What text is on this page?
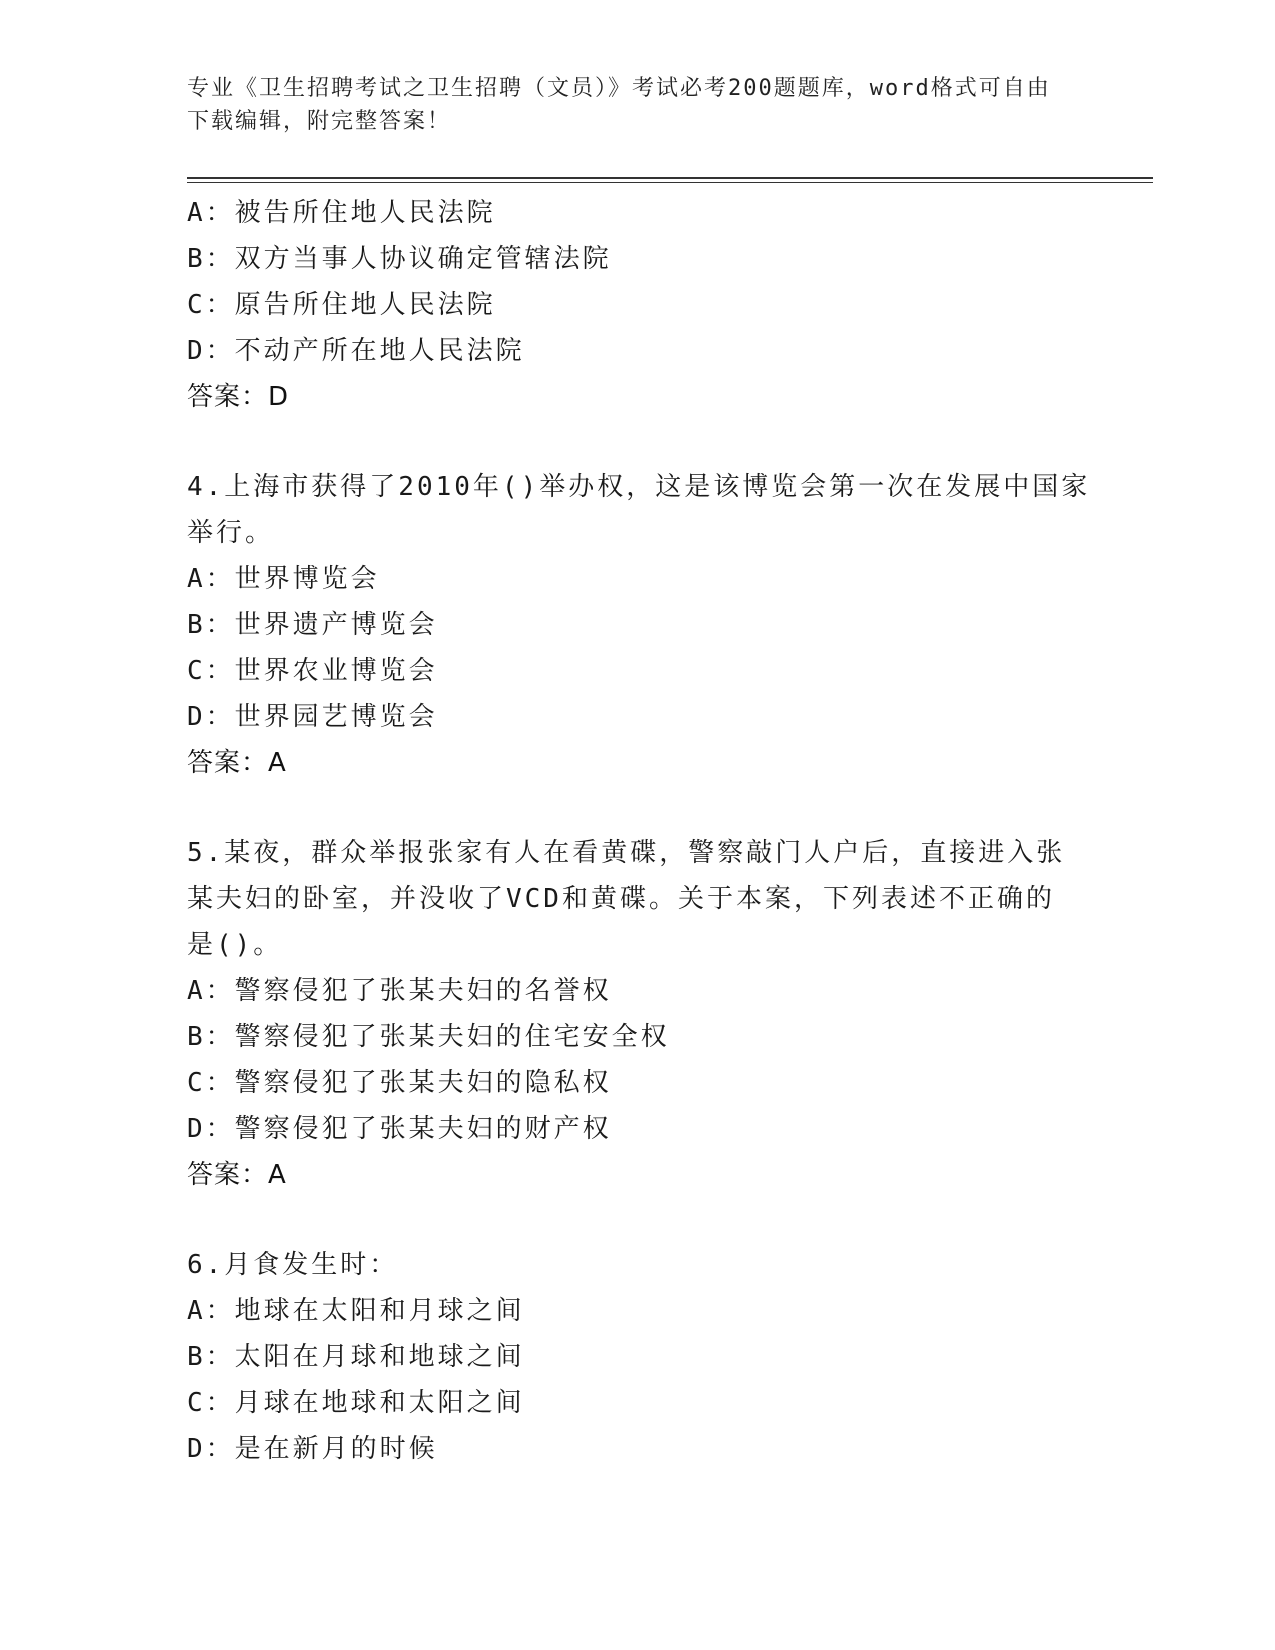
专业《卫生招聘考试之卫生招聘（文员）》考试必考200题题库，word格式可自由下载编辑，附完整答案！
A：被告所住地人民法院
B：双方当事人协议确定管辖法院
C：原告所住地人民法院
D：不动产所在地人民法院
答案：D
4.上海市获得了2010年()举办权，这是该博览会第一次在发展中国家
举行。
A：世界博览会
B：世界遗产博览会
C：世界农业博览会
D：世界园艺博览会
答案：A
5.某夜，群众举报张家有人在看黄碟，警察敲门人户后，直接进入张
某夫妇的卧室，并没收了VCD和黄碟。关于本案，下列表述不正确的
是()。
A：警察侵犯了张某夫妇的名誉权
B：警察侵犯了张某夫妇的住宅安全权
C：警察侵犯了张某夫妇的隐私权
D：警察侵犯了张某夫妇的财产权
答案：A
6.月食发生时：
A：地球在太阳和月球之间
B：太阳在月球和地球之间
C：月球在地球和太阳之间
D：是在新月的时候
